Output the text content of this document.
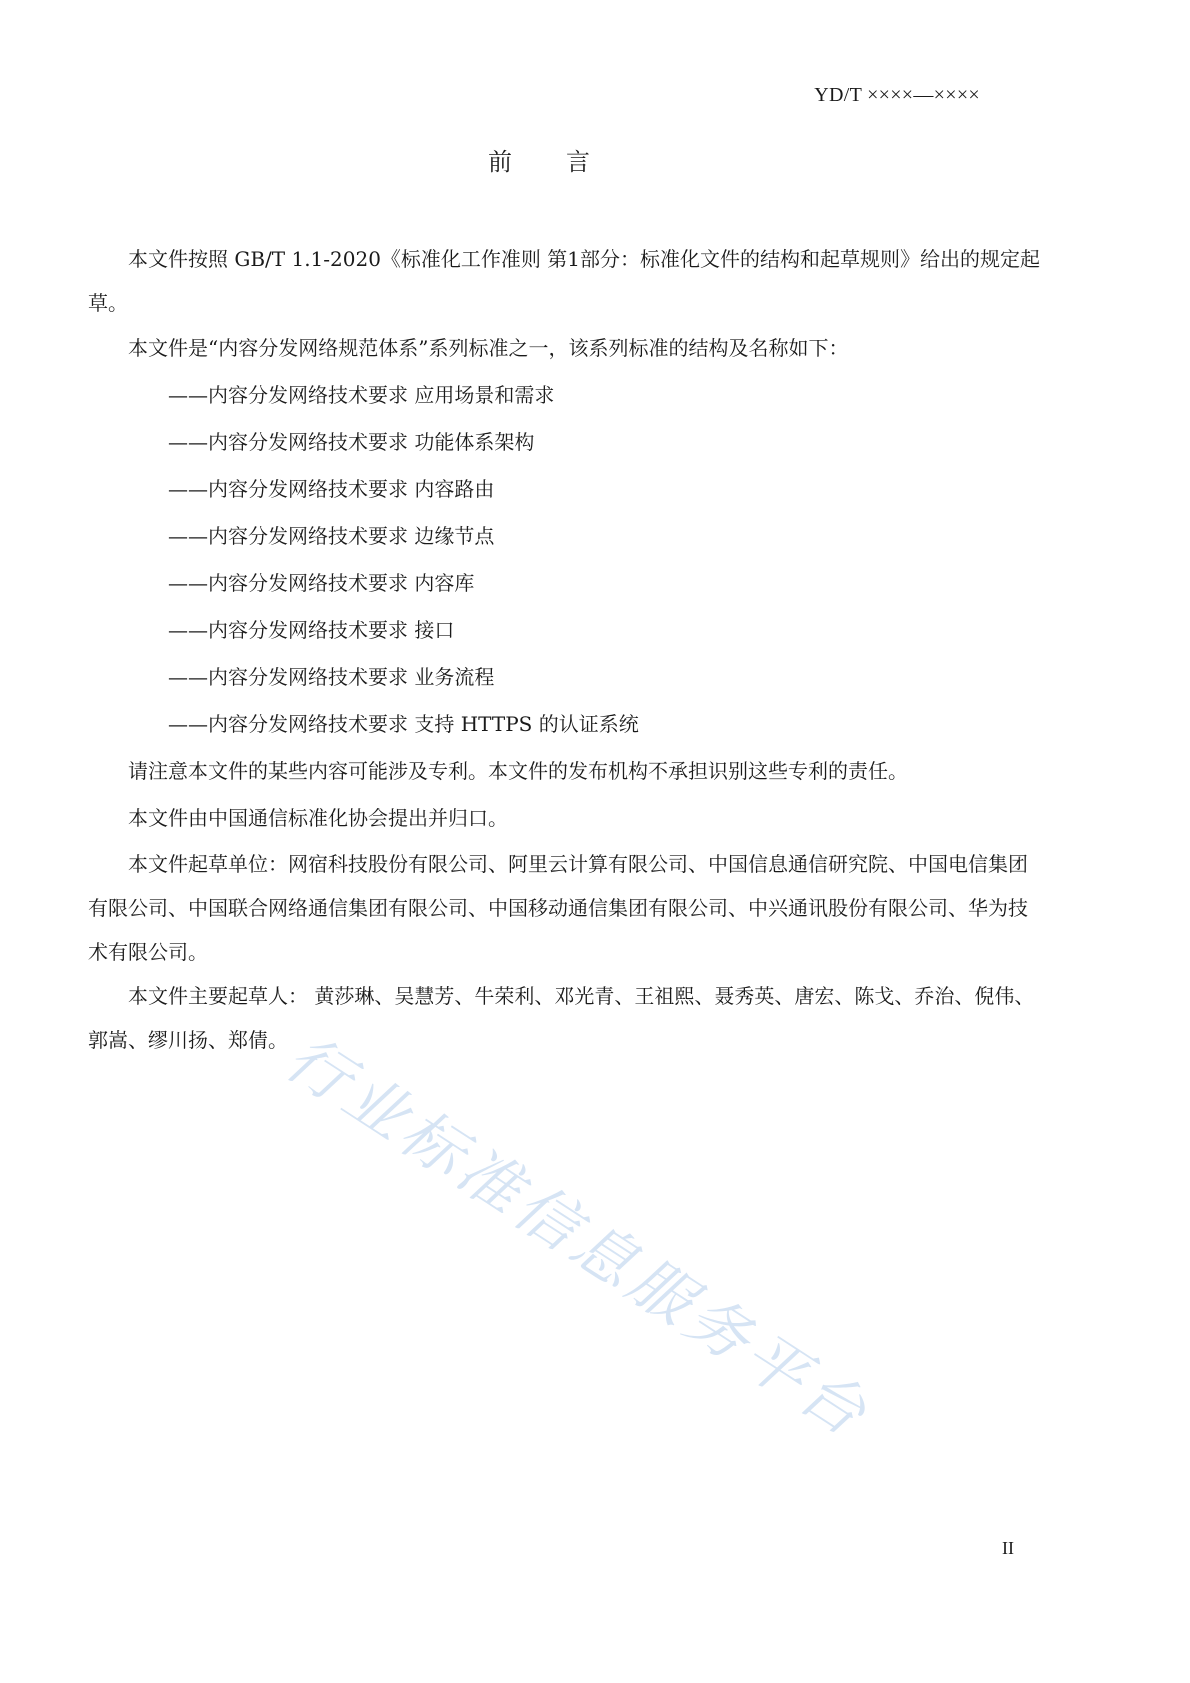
YD/T ××××—××××
前　　言

本文件按照 GB/T 1.1-2020《标准化工作准则 第1部分：标准化文件的结构和起草规则》给出的规定起草。

本文件是“内容分发网络规范体系”系列标准之一，该系列标准的结构及名称如下：

——内容分发网络技术要求 应用场景和需求
——内容分发网络技术要求 功能体系架构
——内容分发网络技术要求 内容路由
——内容分发网络技术要求 边缘节点
——内容分发网络技术要求 内容库
——内容分发网络技术要求 接口
——内容分发网络技术要求 业务流程
——内容分发网络技术要求 支持 HTTPS 的认证系统

请注意本文件的某些内容可能涉及专利。本文件的发布机构不承担识别这些专利的责任。

本文件由中国通信标准化协会提出并归口。

本文件起草单位：网宿科技股份有限公司、阿里云计算有限公司、中国信息通信研究院、中国电信集团有限公司、中国联合网络通信集团有限公司、中国移动通信集团有限公司、中兴通讯股份有限公司、华为技术有限公司。

本文件主要起草人： 黄莎琳、吴慧芳、牛荣利、邓光青、王祖熙、聂秀英、唐宏、陈戈、乔治、倪伟、郭嵩、缪川扬、郑倩。

行业标准信息服务平台
II
